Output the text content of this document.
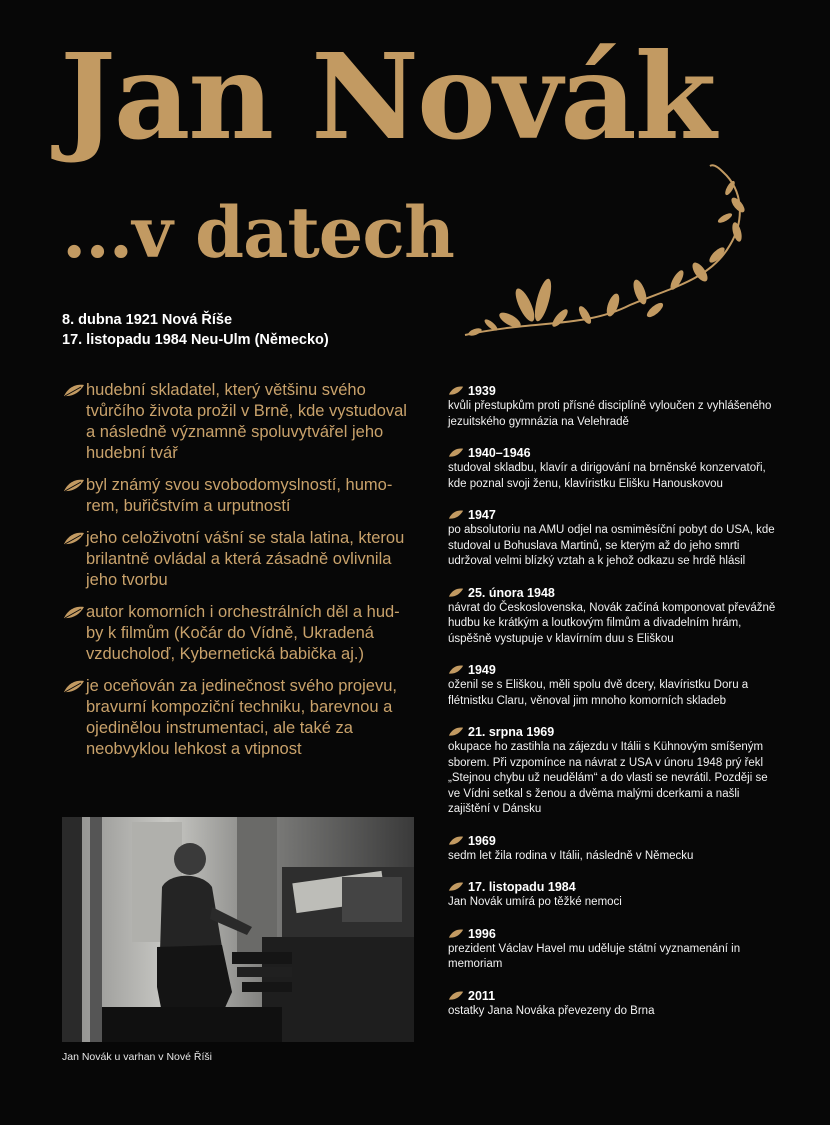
Jan Novák
...v datech
8. dubna 1921 Nová Říše
17. listopadu 1984 Neu-Ulm (Německo)
hudební skladatel, který většinu svého tvůrčího života prožil v Brně, kde vystudoval a následně významně spoluvytvářel jeho hudební tvář
byl známý svou svobodomyslností, humorem, buřičstvím a urputností
jeho celoživotní vášní se stala latina, kterou brilantně ovládal a která zásadně ovlivnila jeho tvorbu
autor komorních i orchestrálních děl a hudby k filmům (Kočár do Vídně, Ukradená vzducholoď, Kybernetická babička aj.)
je oceňován za jedinečnost svého projevu, bravurní kompoziční techniku, barevnou a ojedinělou instrumentaci, ale také za neobvyklou lehkost a vtipnost
1939
kvůli přestupkům proti přísné disciplíně vyloučen z vyhlášeného jezuitského gymnázia na Velehradě
1940–1946
studoval skladbu, klavír a dirigování na brněnské konzervatoři, kde poznal svoji ženu, klavíristku Elišku Hanouskovou
1947
po absolutoriu na AMU odjel na osmiměsíční pobyt do USA, kde studoval u Bohuslava Martinů, se kterým až do jeho smrti udržoval velmi blízký vztah a k jehož odkazu se hrdě hlásil
25. února 1948
návrat do Československa, Novák začíná komponovat převážně hudbu ke krátkým a loutkovým filmům a divadelním hrám, úspěšně vystupuje v klavírním duu s Eliškou
1949
oženil se s Eliškou, měli spolu dvě dcery, klavíristku Doru a flétnistku Claru, věnoval jim mnoho komorních skladeb
21. srpna 1969
okupace ho zastihla na zájezdu v Itálii s Kühnovým smíšeným sborem. Při vzpomínce na návrat z USA v únoru 1948 prý řekl „Stejnou chybu už neudělám“ a do vlasti se nevrátil. Později se ve Vídni setkal s ženou a dvěma malými dcerkami a našli zajištění v Dánsku
1969
sedm let žila rodina v Itálii, následně v Německu
17. listopadu 1984
Jan Novák umírá po těžké nemoci
1996
prezident Václav Havel mu uděluje státní vyznamenání in memoriam
2011
ostatky Jana Nováka převezeny do Brna
Jan Novák u varhan v Nové Říši
